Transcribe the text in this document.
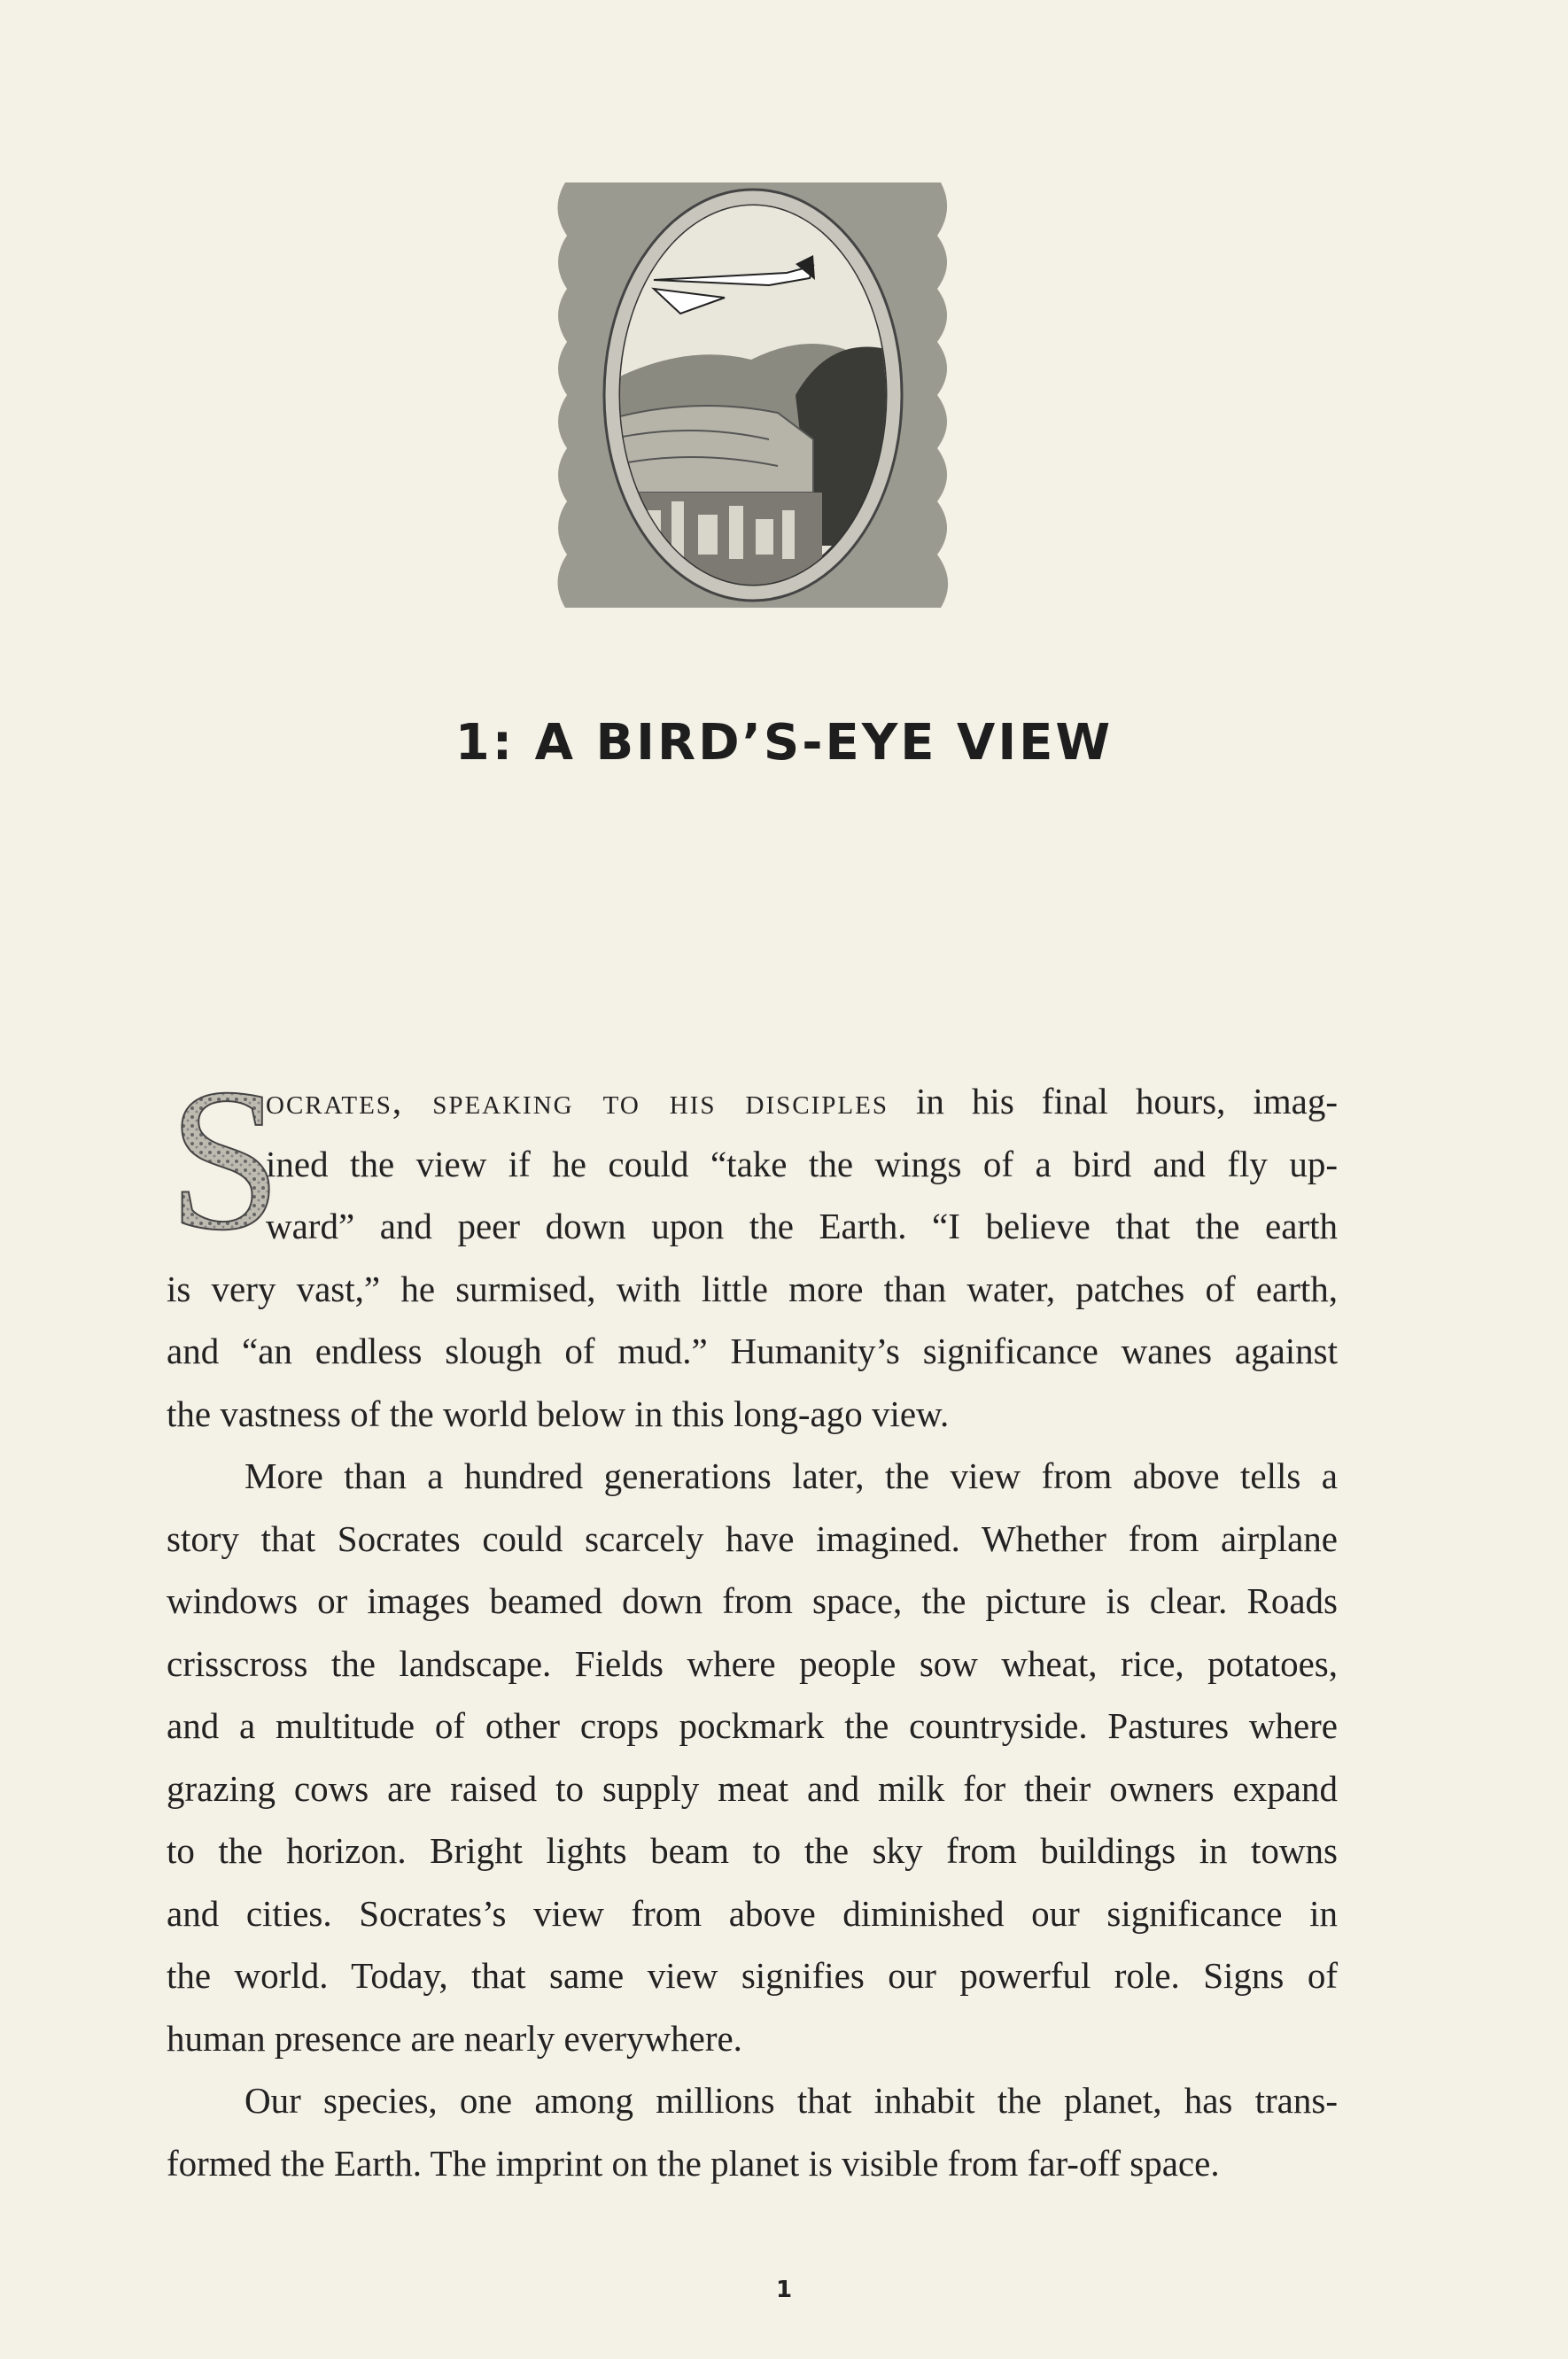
1: A BIRD’S-EYE VIEW
S
ocrates, speaking to his disciples in his final hours, imag-
ined the view if he could “take the wings of a bird and fly up-
ward” and peer down upon the Earth. “I believe that the earth
is very vast,” he surmised, with little more than water, patches of earth,
and “an endless slough of mud.” Humanity’s significance wanes against
the vastness of the world below in this long-ago view.
More than a hundred generations later, the view from above tells a
story that Socrates could scarcely have imagined. Whether from airplane
windows or images beamed down from space, the picture is clear. Roads
crisscross the landscape. Fields where people sow wheat, rice, potatoes,
and a multitude of other crops pockmark the countryside. Pastures where
grazing cows are raised to supply meat and milk for their owners expand
to the horizon. Bright lights beam to the sky from buildings in towns
and cities. Socrates’s view from above diminished our significance in
the world. Today, that same view signifies our powerful role. Signs of
human presence are nearly everywhere.
Our species, one among millions that inhabit the planet, has trans-
formed the Earth. The imprint on the planet is visible from far-off space.
1
